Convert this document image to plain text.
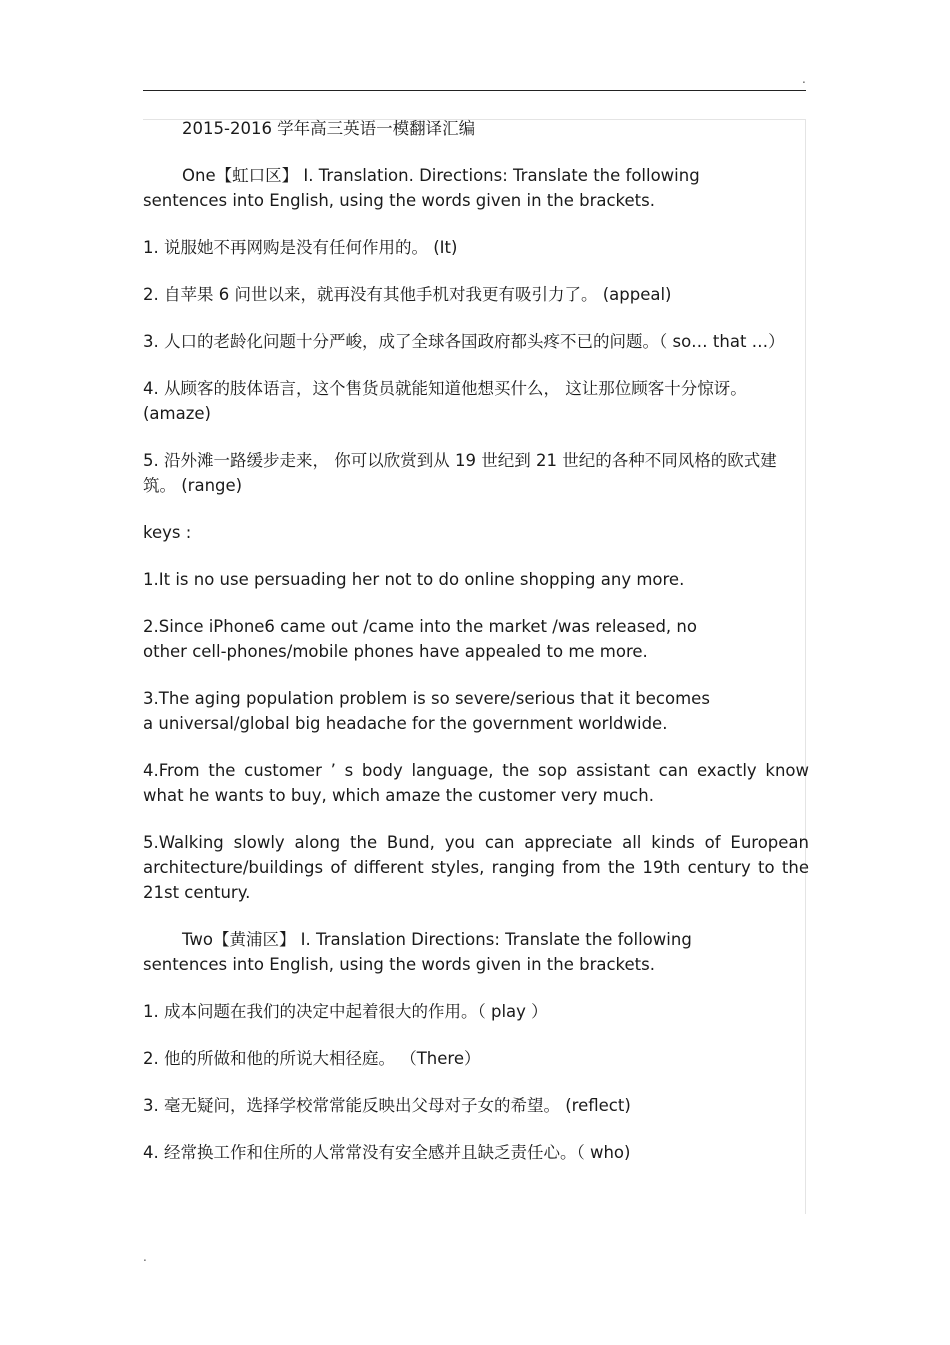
.

2015-2016 学年高三英语一模翻译汇编

One【虹口区】 I. Translation. Directions: Translate the following sentences into English, using the words given in the brackets.

1. 说服她不再网购是没有任何作用的。 (It)

2. 自苹果 6 问世以来，就再没有其他手机对我更有吸引力了。 (appeal)

3. 人口的老龄化问题十分严峻，成了全球各国政府都头疼不已的问题。（ so… that …）

4. 从顾客的肢体语言，这个售货员就能知道他想买什么， 这让那位顾客十分惊讶。(amaze)

5. 沿外滩一路缓步走来， 你可以欣赏到从 19 世纪到 21 世纪的各种不同风格的欧式建筑。 (range)

keys :

1.It is no use persuading her not to do online shopping any more.

2.Since iPhone6 came out /came into the market /was released, no other cell-phones/mobile phones have appealed to me more.

3.The aging population problem is so severe/serious that it becomes a universal/global big headache for the government worldwide.

4.From the customer ’ s body language, the sop assistant can exactly know what he wants to buy, which amaze the customer very much.

5.Walking slowly along the Bund, you can appreciate all kinds of European architecture/buildings of different styles, ranging from the 19th century to the 21st century.

Two【黄浦区】 I. Translation Directions: Translate the following sentences into English, using the words given in the brackets.

1. 成本问题在我们的决定中起着很大的作用。（ play ）

2. 他的所做和他的所说大相径庭。 （There）

3. 毫无疑问，选择学校常常能反映出父母对子女的希望。 (reflect)

4. 经常换工作和住所的人常常没有安全感并且缺乏责任心。（ who)

.
